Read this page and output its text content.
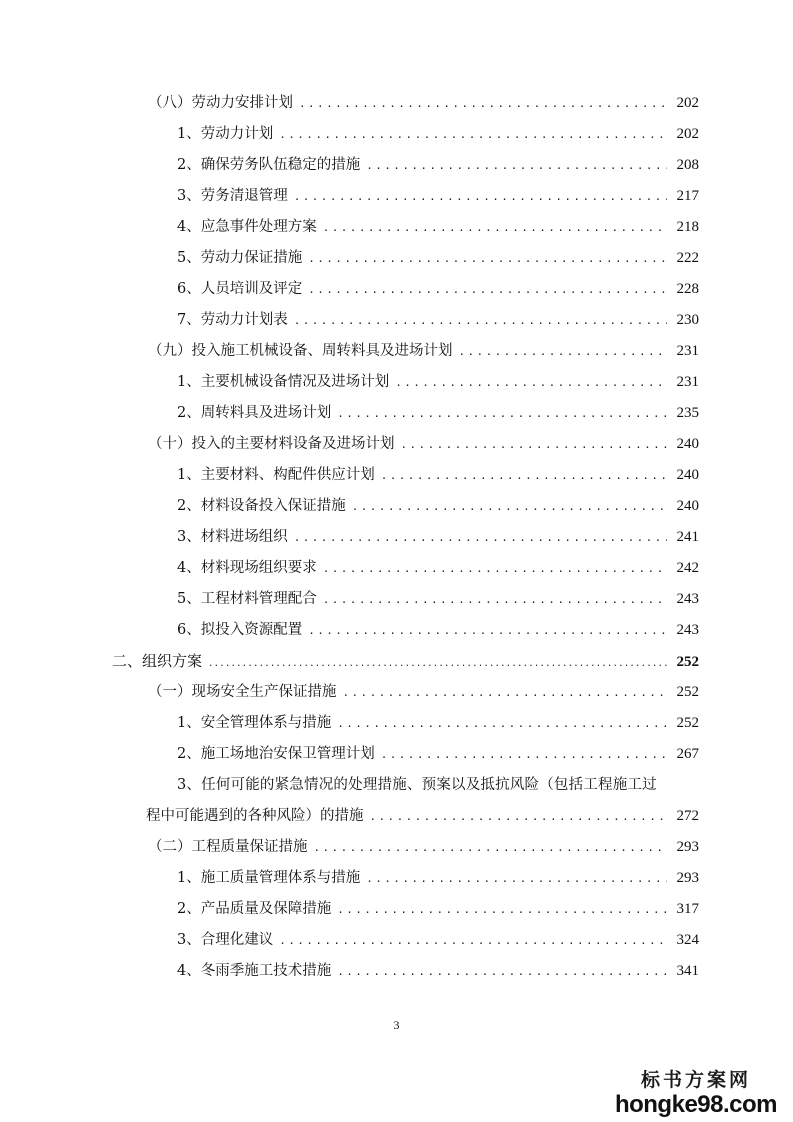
（八）劳动力安排计划 .....	202
1、劳动力计划 .....	202
2、确保劳务队伍稳定的措施 .....	208
3、劳务清退管理 .....	217
4、应急事件处理方案 .....	218
5、劳动力保证措施 .....	222
6、人员培训及评定 .....	228
7、劳动力计划表 .....	230
（九）投入施工机械设备、周转料具及进场计划 .....	231
1、主要机械设备情况及进场计划 .....	231
2、周转料具及进场计划 .....	235
（十）投入的主要材料设备及进场计划 .....	240
1、主要材料、构配件供应计划 .....	240
2、材料设备投入保证措施 .....	240
3、材料进场组织 .....	241
4、材料现场组织要求 .....	242
5、工程材料管理配合 .....	243
6、拟投入资源配置 .....	243
二、组织方案 .....	252
（一）现场安全生产保证措施 .....	252
1、安全管理体系与措施 .....	252
2、施工场地治安保卫管理计划 .....	267
3、任何可能的紧急情况的处理措施、预案以及抵抗风险（包括工程施工过
程中可能遇到的各种风险）的措施 .....	272
（二）工程质量保证措施 .....	293
1、施工质量管理体系与措施 .....	293
2、产品质量及保障措施 .....	317
3、合理化建议 .....	324
4、冬雨季施工技术措施 .....	341
3
标书方案网
hongke98.com
